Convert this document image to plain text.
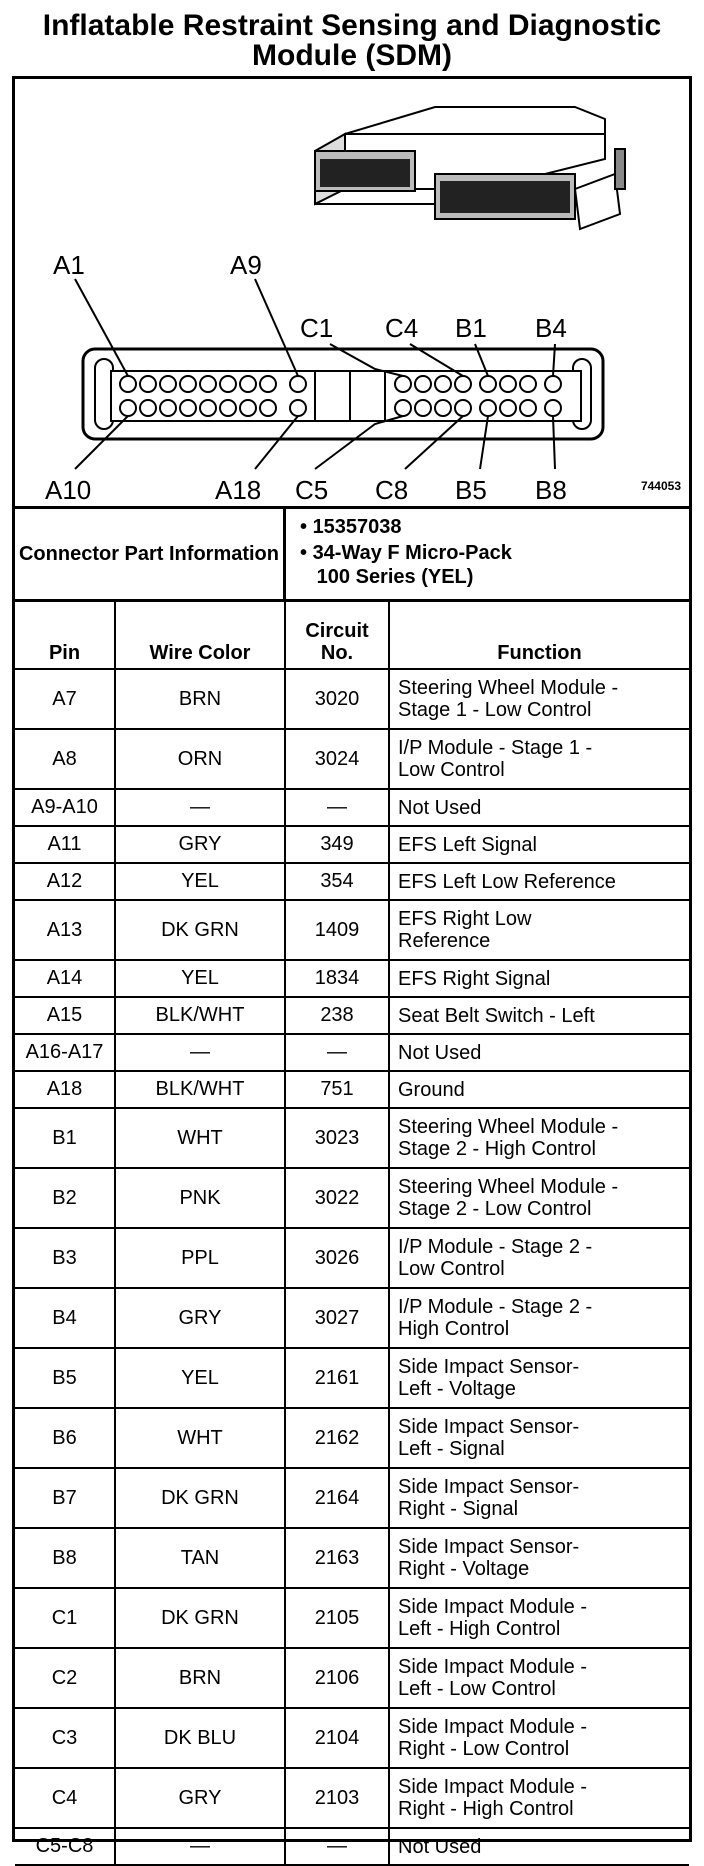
Inflatable Restraint Sensing and Diagnostic
Module (SDM)
A1	A9
C1 C4 B1 B4
A10	A18 C5 C8 B5 B8	744053
Connector Part Information
• 15357038
• 34-Way F Micro-Pack
100 Series (YEL)
Pin	Wire Color	Circuit No.	Function
A7	BRN	3020	Steering Wheel Module -
Stage 1 - Low Control
A8	ORN	3024	I/P Module - Stage 1 -
Low Control
A9-A10	—	—	Not Used
A11	GRY	349	EFS Left Signal
A12	YEL	354	EFS Left Low Reference
A13	DK GRN	1409	EFS Right Low
Reference
A14	YEL	1834	EFS Right Signal
A15	BLK/WHT	238	Seat Belt Switch - Left
A16-A17	—	—	Not Used
A18	BLK/WHT	751	Ground
B1	WHT	3023	Steering Wheel Module -
Stage 2 - High Control
B2	PNK	3022	Steering Wheel Module -
Stage 2 - Low Control
B3	PPL	3026	I/P Module - Stage 2 -
Low Control
B4	GRY	3027	I/P Module - Stage 2 -
High Control
B5	YEL	2161	Side Impact Sensor-
Left - Voltage
B6	WHT	2162	Side Impact Sensor-
Left - Signal
B7	DK GRN	2164	Side Impact Sensor-
Right - Signal
B8	TAN	2163	Side Impact Sensor-
Right - Voltage
C1	DK GRN	2105	Side Impact Module -
Left - High Control
C2	BRN	2106	Side Impact Module -
Left - Low Control
C3	DK BLU	2104	Side Impact Module -
Right - Low Control
C4	GRY	2103	Side Impact Module -
Right - High Control
C5-C8	—	—	Not Used
